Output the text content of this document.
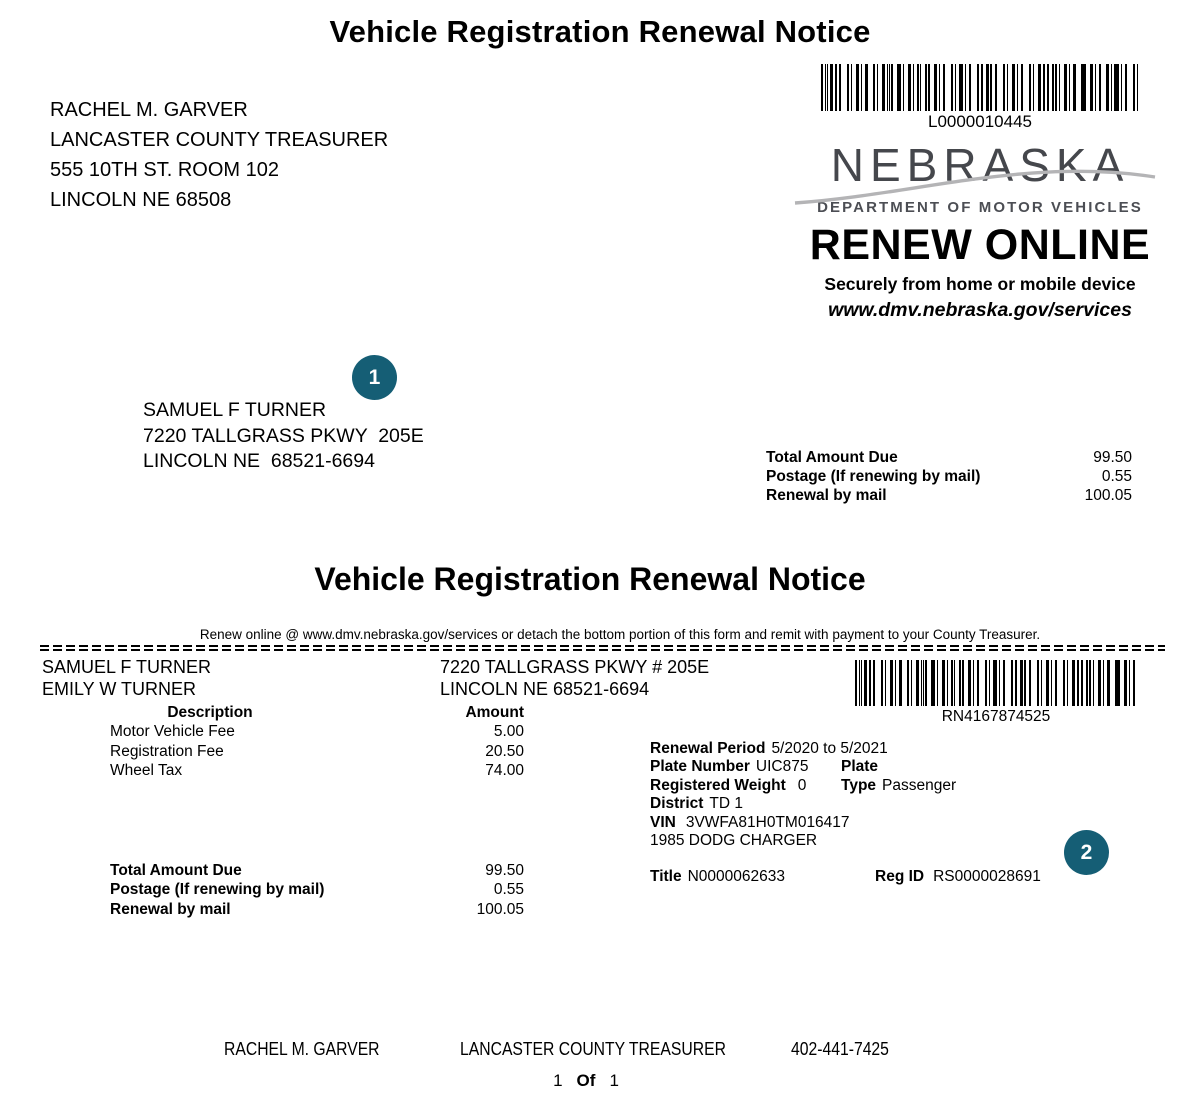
Vehicle Registration Renewal Notice
RACHEL M. GARVER
LANCASTER COUNTY TREASURER
555 10TH ST. ROOM 102
LINCOLN NE 68508
L0000010445
NEBRASKA
DEPARTMENT OF MOTOR VEHICLES
RENEW ONLINE
Securely from home or mobile device
www.dmv.nebraska.gov/services
1
SAMUEL F TURNER
7220 TALLGRASS PKWY  205E
LINCOLN NE  68521-6694	Total Amount Due	99.50
Postage (If renewing by mail)	0.55
Renewal by mail	100.05
Vehicle Registration Renewal Notice
Renew online @ www.dmv.nebraska.gov/services or detach the bottom portion of this form and remit with payment to your County Treasurer.
SAMUEL F TURNER
EMILY W TURNER
7220 TALLGRASS PKWY # 205E
LINCOLN NE 68521-6694
RN4167874525
Description	Amount
Motor Vehicle Fee	5.00
Registration Fee	20.50
Wheel Tax	74.00
Renewal Period 5/2020 to 5/2021
Plate Number UIC875 Plate Type Passenger
Registered Weight 0
District TD 1
VIN 3VWFA81H0TM016417
1985 DODG CHARGER
Title N0000062633	Reg ID RS0000028691
2
Total Amount Due	99.50
Postage (If renewing by mail)	0.55
Renewal by mail	100.05
RACHEL M. GARVER	LANCASTER COUNTY TREASURER	402-441-7425
1 Of 1
